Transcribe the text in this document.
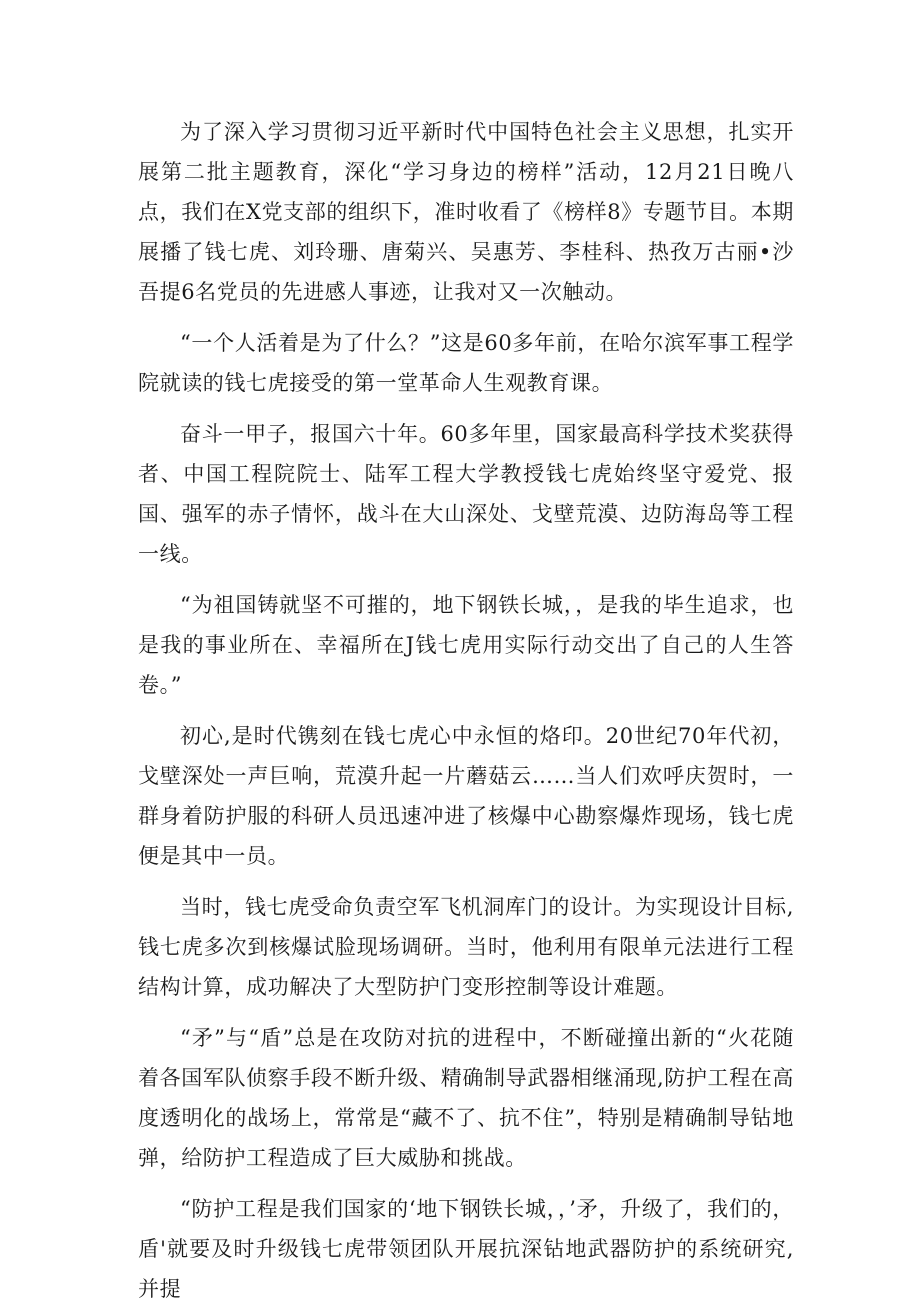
为了深入学习贯彻习近平新时代中国特色社会主义思想，扎实开展第二批主题教育，深化“学习身边的榜样”活动，12月21日晚八点，我们在X党支部的组织下，准时收看了《榜样8》专题节目。本期展播了钱七虎、刘玲珊、唐菊兴、吴惠芳、李桂科、热孜万古丽•沙吾提6名党员的先进感人事迹，让我对又一次触动。

“一个人活着是为了什么？”这是60多年前，在哈尔滨军事工程学院就读的钱七虎接受的第一堂革命人生观教育课。

奋斗一甲子，报国六十年。60多年里，国家最高科学技术奖获得者、中国工程院院士、陆军工程大学教授钱七虎始终坚守爱党、报国、强军的赤子情怀，战斗在大山深处、戈壁荒漠、边防海岛等工程一线。

“为祖国铸就坚不可摧的，地下钢铁长城，，是我的毕生追求，也是我的事业所在、幸福所在J钱七虎用实际行动交出了自己的人生答卷。”

初心,是时代镌刻在钱七虎心中永恒的烙印。20世纪70年代初，戈壁深处一声巨响，荒漠升起一片蘑菇云……当人们欢呼庆贺时，一群身着防护服的科研人员迅速冲进了核爆中心勘察爆炸现场，钱七虎便是其中一员。

当时，钱七虎受命负责空军飞机洞库门的设计。为实现设计目标,钱七虎多次到核爆试脸现场调研。当时，他利用有限单元法进行工程结构计算，成功解决了大型防护门变形控制等设计难题。

“矛”与“盾”总是在攻防对抗的进程中，不断碰撞出新的“火花随着各国军队侦察手段不断升级、精确制导武器相继涌现,防护工程在高度透明化的战场上，常常是“藏不了、抗不住”，特别是精确制导钻地弹，给防护工程造成了巨大威胁和挑战。

“防护工程是我们国家的‘地下钢铁长城，，’矛，升级了，我们的，盾'就要及时升级钱七虎带领团队开展抗深钻地武器防护的系统研究,并提
